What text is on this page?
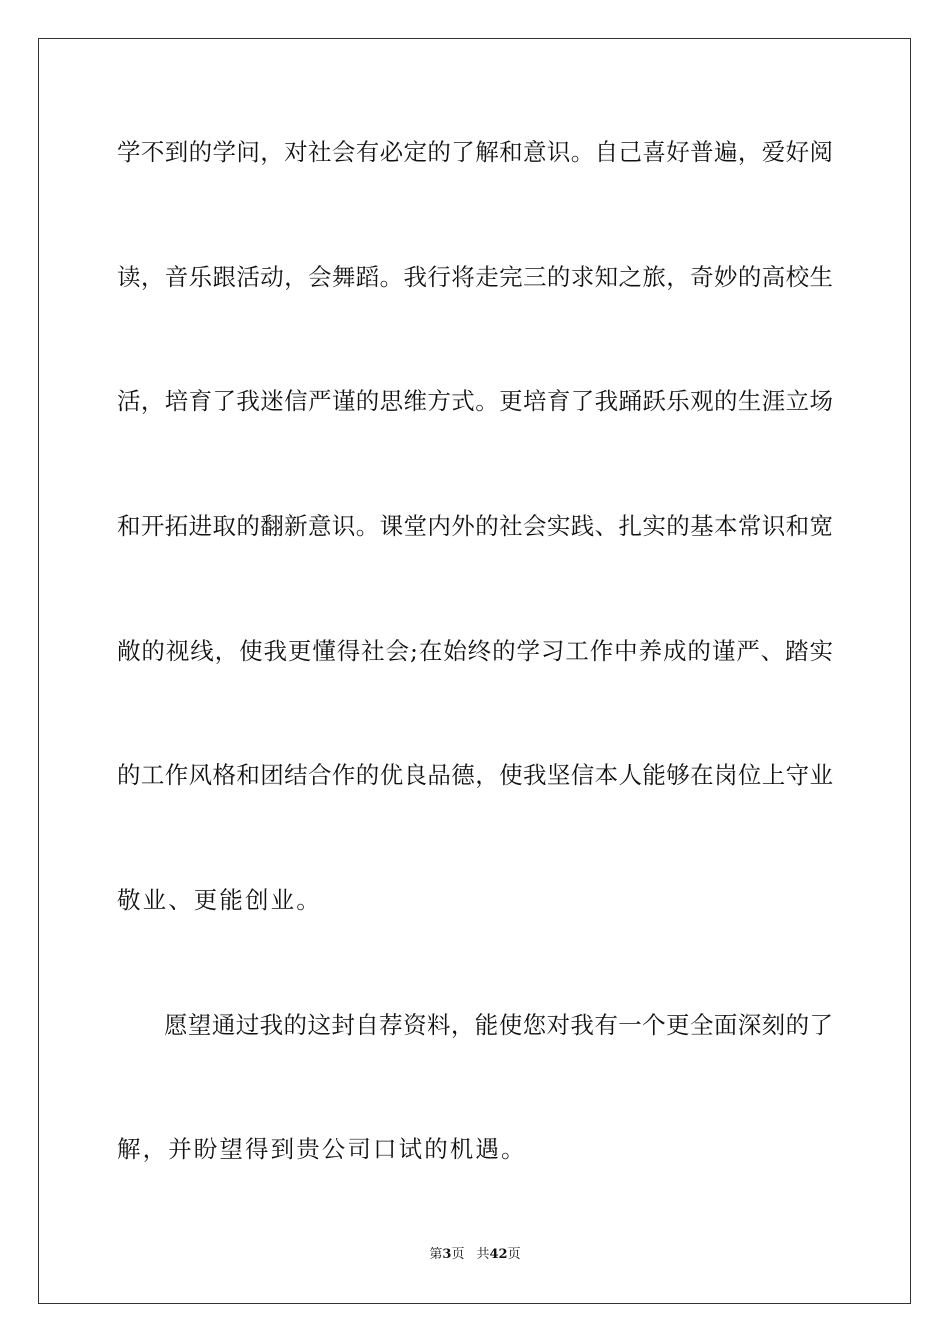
学不到的学问，对社会有必定的了解和意识。自己喜好普遍，爱好阅
读，音乐跟活动，会舞蹈。我行将走完三的求知之旅，奇妙的高校生
活，培育了我迷信严谨的思维方式。更培育了我踊跃乐观的生涯立场
和开拓进取的翻新意识。课堂内外的社会实践、扎实的基本常识和宽
敞的视线，使我更懂得社会;在始终的学习工作中养成的谨严、踏实
的工作风格和团结合作的优良品德，使我坚信本人能够在岗位上守业
敬业、更能创业。
愿望通过我的这封自荐资料，能使您对我有一个更全面深刻的了
解，并盼望得到贵公司口试的机遇。
第3页 共42页
